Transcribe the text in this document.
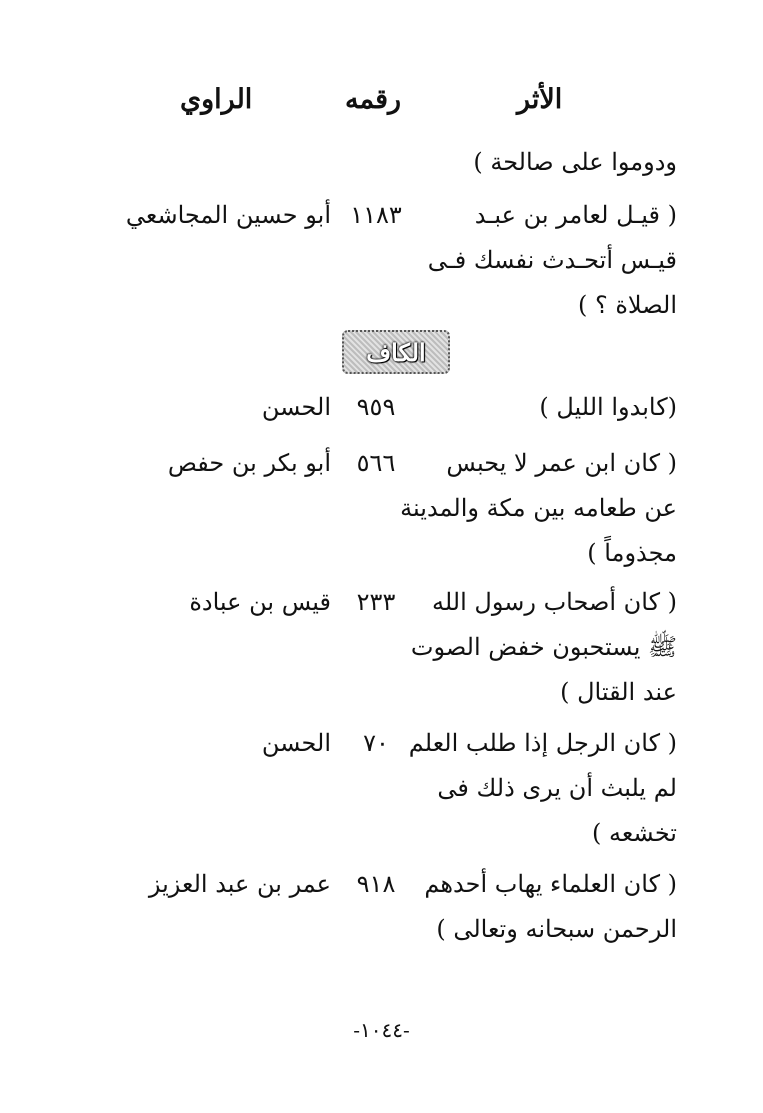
الأثر
رقمه
الراوي
ودوموا على صالحة )
( قيـل لعامر بن عبـد
قيـس أتحـدث نفسك فـى
الصلاة ؟ )
١١٨٣
أبو حسين المجاشعي
الكاف
(كابدوا الليل )
٩٥٩
الحسن
( كان ابن عمر لا يحبس
عن طعامه بين مكة والمدينة
مجذوماً )
٥٦٦
أبو بكر بن حفص
( كان أصحاب رسول الله
ﷺ يستحبون خفض الصوت
عند القتال )
٢٣٣
قيس بن عبادة
( كان الرجل إذا طلب العلم
لم يلبث أن يرى ذلك فى
تخشعه )
٧٠
الحسن
( كان العلماء يهاب أحدهم
الرحمن سبحانه وتعالى )
٩١٨
عمر بن عبد العزيز
-١٠٤٤-
